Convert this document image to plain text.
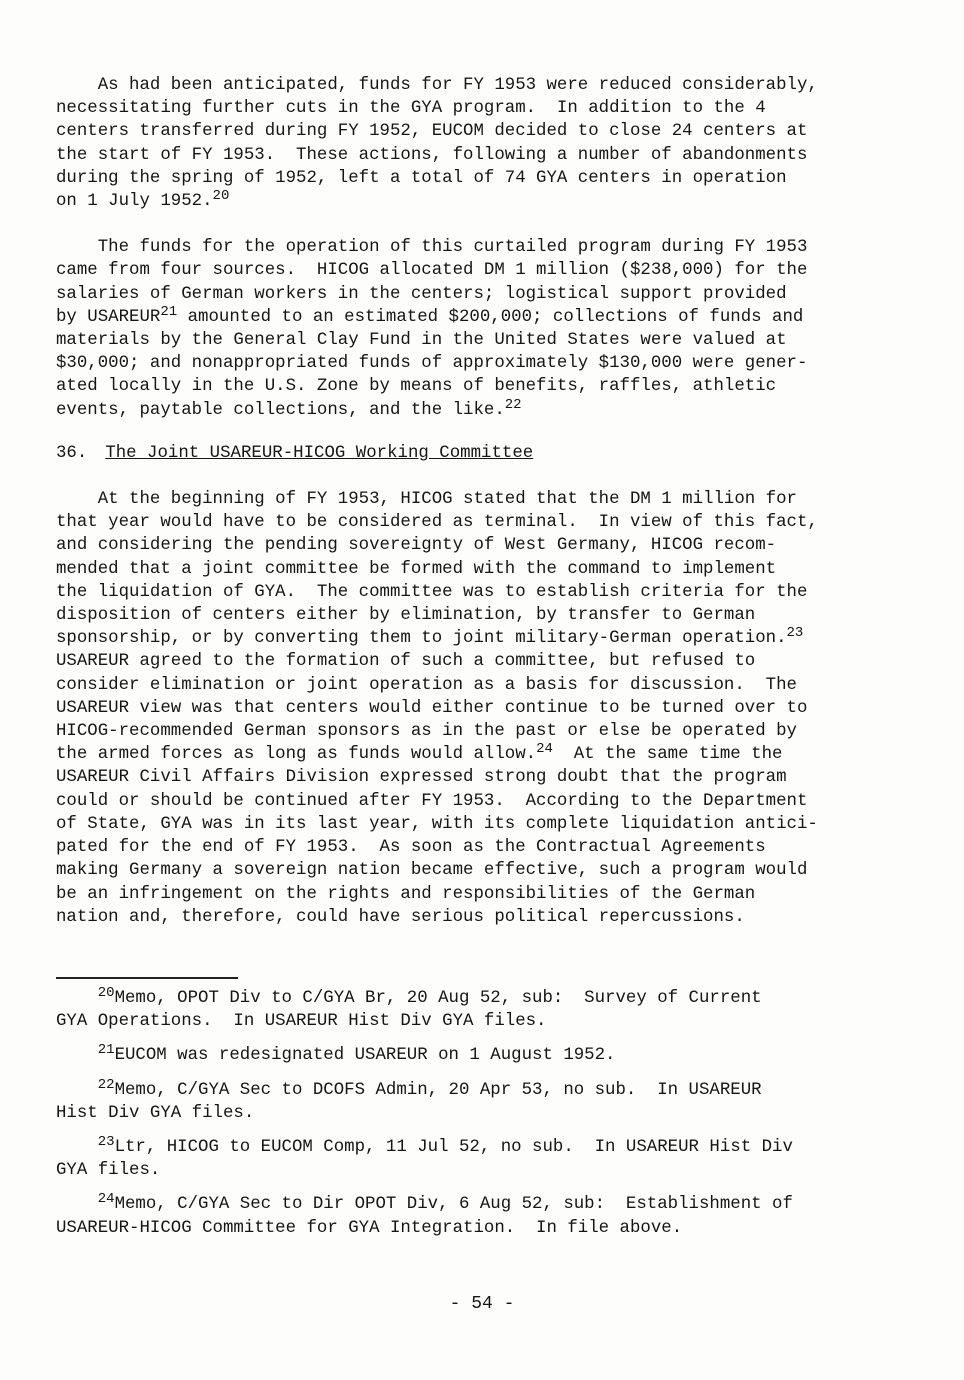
As had been anticipated, funds for FY 1953 were reduced considerably,
necessitating further cuts in the GYA program.  In addition to the 4
centers transferred during FY 1952, EUCOM decided to close 24 centers at
the start of FY 1953.  These actions, following a number of abandonments
during the spring of 1952, left a total of 74 GYA centers in operation
on 1 July 1952.20

The funds for the operation of this curtailed program during FY 1953
came from four sources.  HICOG allocated DM 1 million ($238,000) for the
salaries of German workers in the centers; logistical support provided
by USAREUR$^{21}$ amounted to an estimated $200,000; collections of funds and
materials by the General Clay Fund in the United States were valued at
$30,000; and nonappropriated funds of approximately $130,000 were gener-
ated locally in the U.S. Zone by means of benefits, raffles, athletic
events, paytable collections, and the like.$^{22}$

36. The Joint USAREUR-HICOG Working Committee

At the beginning of FY 1953, HICOG stated that the DM 1 million for
that year would have to be considered as terminal.  In view of this fact,
and considering the pending sovereignty of West Germany, HICOG recom-
mended that a joint committee be formed with the command to implement
the liquidation of GYA.  The committee was to establish criteria for the
disposition of centers either by elimination, by transfer to German
sponsorship, or by converting them to joint military-German operation.$^{23}$
USAREUR agreed to the formation of such a committee, but refused to
consider elimination or joint operation as a basis for discussion.  The
USAREUR view was that centers would either continue to be turned over to
HICOG-recommended German sponsors as in the past or else be operated by
the armed forces as long as funds would allow.$^{24}$  At the same time the
USAREUR Civil Affairs Division expressed strong doubt that the program
could or should be continued after FY 1953.  According to the Department
of State, GYA was in its last year, with its complete liquidation antici-
pated for the end of FY 1953.  As soon as the Contractual Agreements
making Germany a sovereign nation became effective, such a program would
be an infringement on the rights and responsibilities of the German
nation and, therefore, could have serious political repercussions.

$^{20}$Memo, OPOT Div to C/GYA Br, 20 Aug 52, sub:  Survey of Current
GYA Operations.  In USAREUR Hist Div GYA files.

$^{21}$EUCOM was redesignated USAREUR on 1 August 1952.

$^{22}$Memo, C/GYA Sec to DCOFS Admin, 20 Apr 53, no sub.  In USAREUR
Hist Div GYA files.

$^{23}$Ltr, HICOG to EUCOM Comp, 11 Jul 52, no sub.  In USAREUR Hist Div
GYA files.

$^{24}$Memo, C/GYA Sec to Dir OPOT Div, 6 Aug 52, sub:  Establishment of
USAREUR-HICOG Committee for GYA Integration.  In file above.

- 54 -
